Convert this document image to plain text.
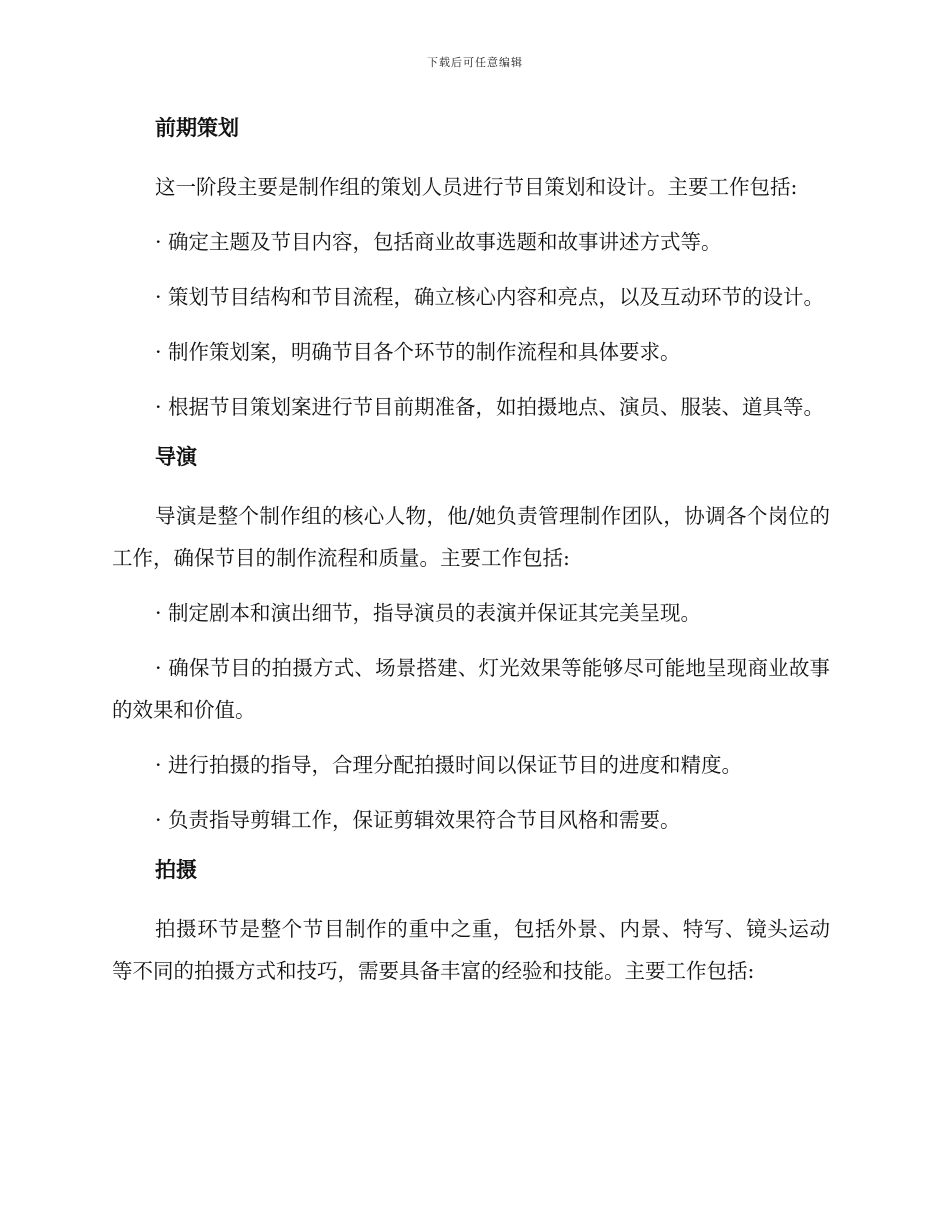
下载后可任意编辑
前期策划

这一阶段主要是制作组的策划人员进行节目策划和设计。主要工作包括:

· 确定主题及节目内容，包括商业故事选题和故事讲述方式等。

· 策划节目结构和节目流程，确立核心内容和亮点，以及互动环节的设计。

· 制作策划案，明确节目各个环节的制作流程和具体要求。

· 根据节目策划案进行节目前期准备，如拍摄地点、演员、服装、道具等。

导演

导演是整个制作组的核心人物，他/她负责管理制作团队，协调各个岗位的工作，确保节目的制作流程和质量。主要工作包括:

· 制定剧本和演出细节，指导演员的表演并保证其完美呈现。

· 确保节目的拍摄方式、场景搭建、灯光效果等能够尽可能地呈现商业故事的效果和价值。

· 进行拍摄的指导，合理分配拍摄时间以保证节目的进度和精度。

· 负责指导剪辑工作，保证剪辑效果符合节目风格和需要。

拍摄

拍摄环节是整个节目制作的重中之重，包括外景、内景、特写、镜头运动等不同的拍摄方式和技巧，需要具备丰富的经验和技能。主要工作包括:
